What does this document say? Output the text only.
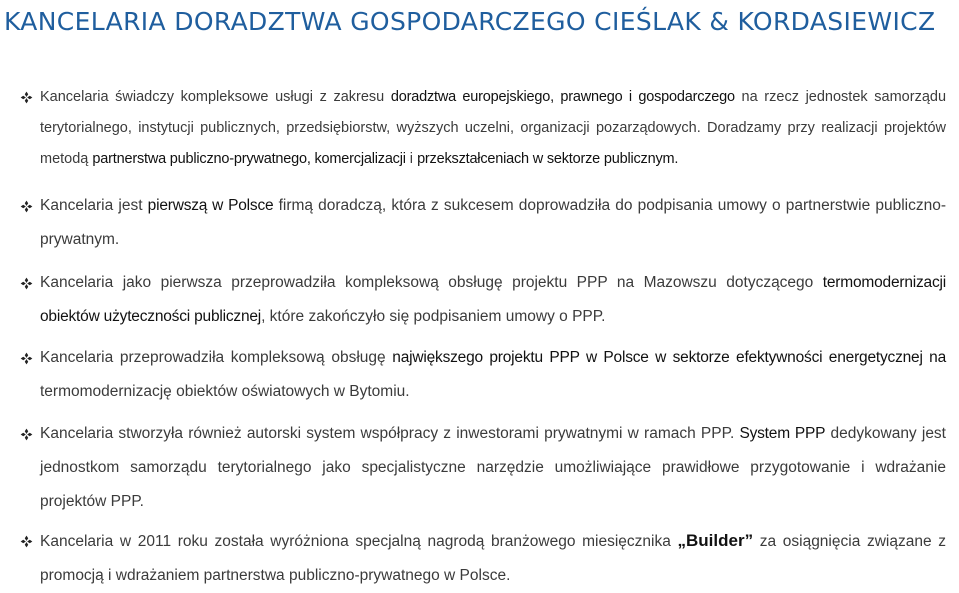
KANCELARIA DORADZTWA GOSPODARCZEGO CIEŚLAK & KORDASIEWICZ
Kancelaria świadczy kompleksowe usługi z zakresu doradztwa europejskiego, prawnego i gospodarczego na rzecz jednostek samorządu terytorialnego, instytucji publicznych, przedsiębiorstw, wyższych uczelni, organizacji pozarządowych. Doradzamy przy realizacji projektów metodą partnerstwa publiczno-prywatnego, komercjalizacji i przekształceniach w sektorze publicznym.
Kancelaria jest pierwszą w Polsce firmą doradczą, która z sukcesem doprowadziła do podpisania umowy o partnerstwie publiczno-prywatnym.
Kancelaria jako pierwsza przeprowadziła kompleksową obsługę projektu PPP na Mazowszu dotyczącego termomodernizacji obiektów użyteczności publicznej, które zakończyło się podpisaniem umowy o PPP.
Kancelaria przeprowadziła kompleksową obsługę największego projektu PPP w Polsce w sektorze efektywności energetycznej na termomodernizację obiektów oświatowych w Bytomiu.
Kancelaria stworzyła również autorski system współpracy z inwestorami prywatnymi w ramach PPP. System PPP dedykowany jest jednostkom samorządu terytorialnego jako specjalistyczne narzędzie umożliwiające prawidłowe przygotowanie i wdrażanie projektów PPP.
Kancelaria w 2011 roku została wyróżniona specjalną nagrodą branżowego miesięcznika „Builder” za osiągnięcia związane z promocją i wdrażaniem partnerstwa publiczno-prywatnego w Polsce.
